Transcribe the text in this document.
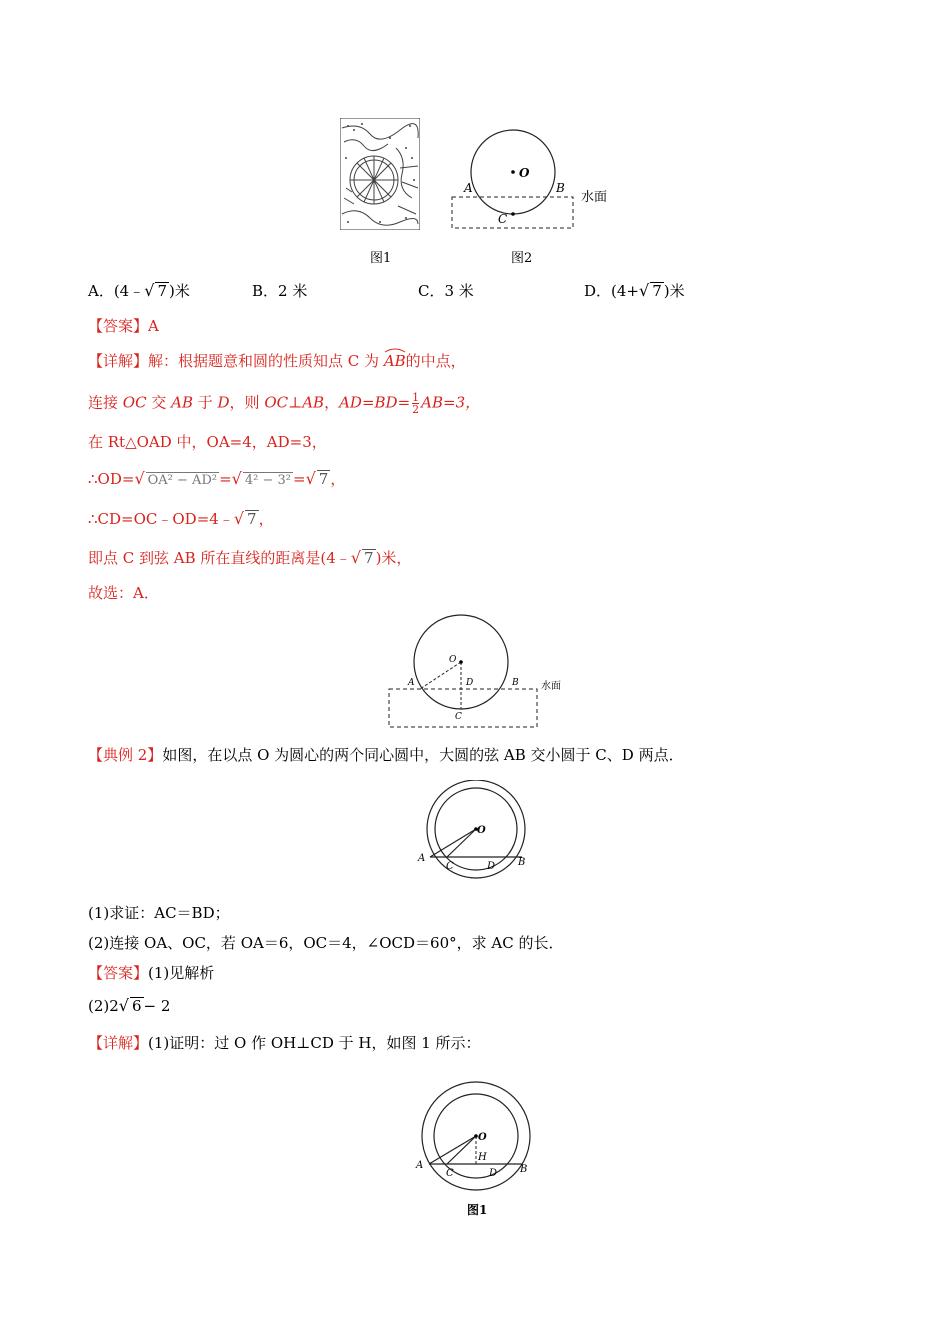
图1
O
A	B
C
水面
图2
A．(4﹣√ 7 )米	B．2 米	C．3 米	D．(4+√ 7 )米
【答案】A
【详解】解：根据题意和圆的性质知点 C 为 AB的中点，
连接 OC 交 AB 于 D，则 OC⊥AB，$AD=BD= \frac{1}{2} AB=3$，
在 Rt△OAD 中，OA=4，AD=3，
∴OD=√ OA² − AD² =√ 4² − 3² =√ 7 ，
∴CD=OC﹣OD=4﹣√ 7 ，
即点 C 到弦 AB 所在直线的距离是(4﹣√ 7 )米，
故选：A．
O
A	D	B
C
水面
【典例 2】如图，在以点 O 为圆心的两个同心圆中，大圆的弦 AB 交小圆于 C、D 两点．
O
A
C	D B
(1)求证：AC＝BD；
(2)连接 OA、OC，若 OA＝6，OC＝4，∠OCD＝60°，求 AC 的长．
【答案】(1)见解析
(2)2√ 6 − 2
【详解】(1)证明：过 O 作 OH⊥CD 于 H，如图 1 所示：
O
H
A
C	D B
图1
